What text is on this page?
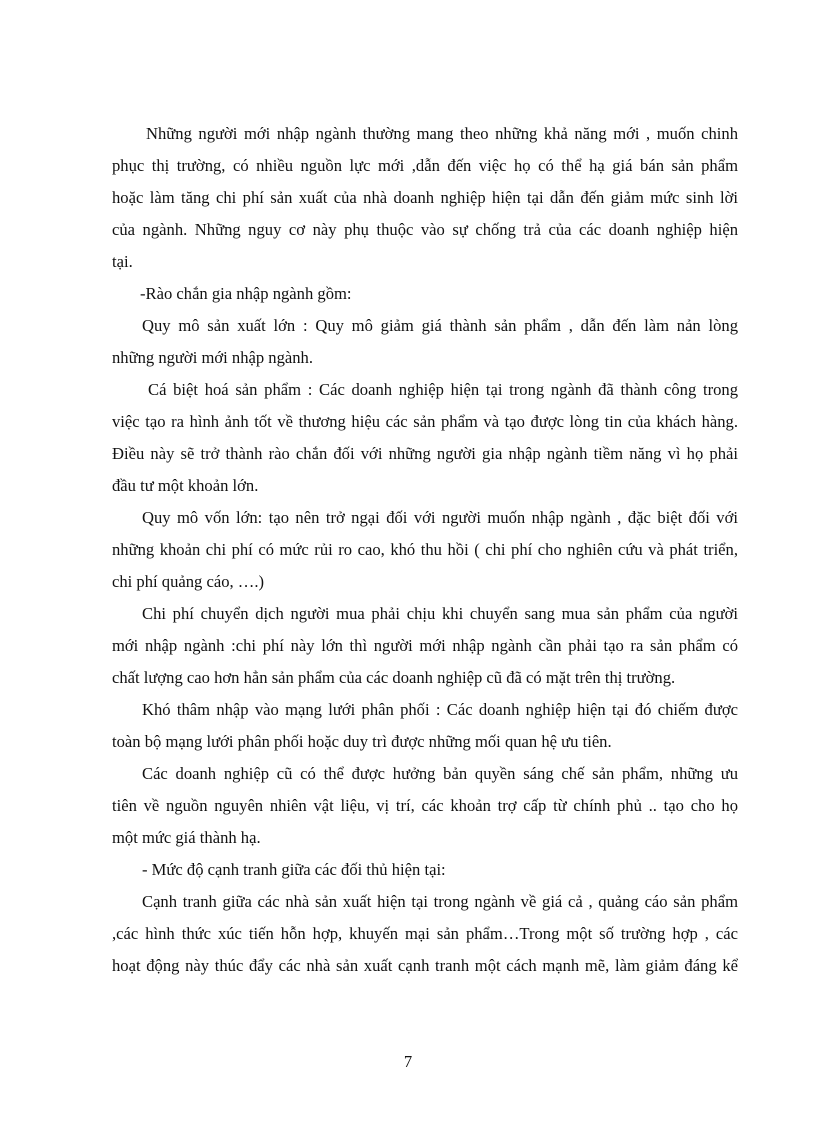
Những người mới nhập ngành thường mang theo những khả năng mới , muốn chinh
phục thị trường, có nhiều nguồn lực mới ,dẫn đến việc họ có thể hạ giá bán sản phẩm
hoặc làm tăng chi phí sản xuất của nhà doanh nghiệp hiện tại dẫn đến giảm mức sinh lời
của ngành. Những nguy cơ này phụ thuộc vào sự chống trả của các doanh nghiệp hiện
tại.
-Rào chắn gia nhập ngành gồm:
Quy mô sản xuất lớn : Quy mô giảm giá thành sản phẩm , dẫn đến làm nản lòng
những người mới nhập ngành.
Cá biệt hoá sản phẩm : Các doanh nghiệp hiện tại trong ngành đã thành công trong
việc tạo ra hình ảnh tốt về thương hiệu các sản phẩm và tạo được lòng tin của khách hàng.
Điều này sẽ trở thành rào chắn đối với những người gia nhập ngành tiềm năng vì họ phải
đầu tư một khoản lớn.
Quy mô vốn lớn: tạo nên trở ngại đối với người muốn nhập ngành , đặc biệt đối với
những khoản chi phí có mức rủi ro cao, khó thu hồi ( chi phí cho nghiên cứu và phát triển,
chi phí quảng cáo, ….)
Chi phí chuyển dịch người mua phải chịu khi chuyển sang mua sản phẩm của người
mới nhập ngành :chi phí này lớn thì người mới nhập ngành cần phải tạo ra sản phẩm có
chất lượng cao hơn hẳn sản phẩm của các doanh nghiệp cũ đã có mặt trên thị trường.
Khó thâm nhập vào mạng lưới phân phối : Các doanh nghiệp hiện tại đó chiếm được
toàn bộ mạng lưới phân phối hoặc duy trì được những mối quan hệ ưu tiên.
Các doanh nghiệp cũ có thể được hưởng bản quyền sáng chế sản phẩm, những ưu
tiên về nguồn nguyên nhiên vật liệu, vị trí, các khoản trợ cấp từ chính phủ .. tạo cho họ
một mức giá thành hạ.
- Mức độ cạnh tranh giữa các đối thủ hiện tại:
Cạnh tranh giữa các nhà sản xuất hiện tại trong ngành về giá cả , quảng cáo sản phẩm
,các hình thức xúc tiến hỗn hợp, khuyến mại sản phẩm…Trong một số trường hợp , các
hoạt động này thúc đẩy các nhà sản xuất cạnh tranh một cách mạnh mẽ, làm giảm đáng kể
7
